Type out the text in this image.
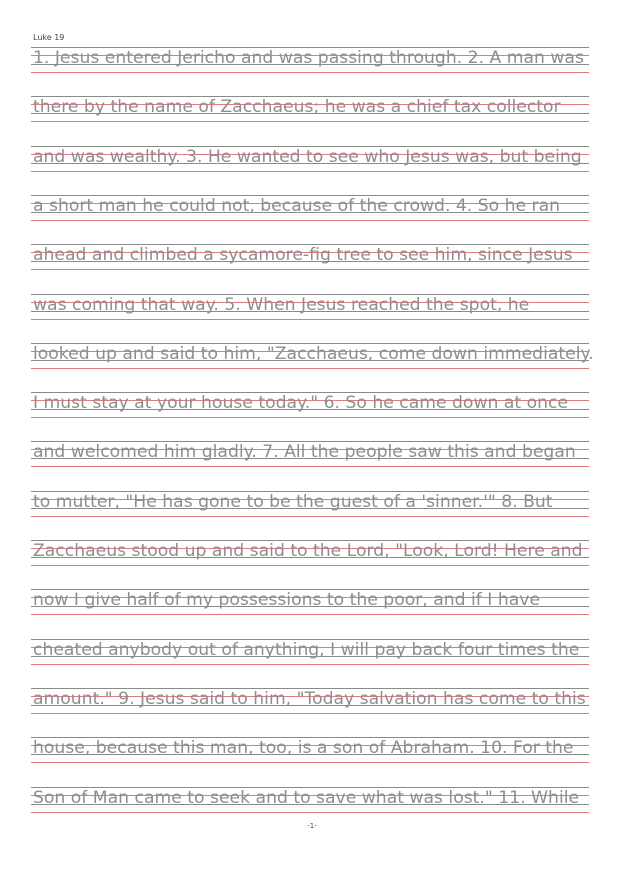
Luke 19
1. Jesus entered Jericho and was passing through. 2. A man was
there by the name of Zacchaeus; he was a chief tax collector
and was wealthy. 3. He wanted to see who Jesus was, but being
a short man he could not, because of the crowd. 4. So he ran
ahead and climbed a sycamore-fig tree to see him, since Jesus
was coming that way. 5. When Jesus reached the spot, he
looked up and said to him, "Zacchaeus, come down immediately.
I must stay at your house today." 6. So he came down at once
and welcomed him gladly. 7. All the people saw this and began
to mutter, "He has gone to be the guest of a 'sinner.'" 8. But
Zacchaeus stood up and said to the Lord, "Look, Lord! Here and
now I give half of my possessions to the poor, and if I have
cheated anybody out of anything, I will pay back four times the
amount." 9. Jesus said to him, "Today salvation has come to this
house, because this man, too, is a son of Abraham. 10. For the
Son of Man came to seek and to save what was lost." 11. While
-1-
